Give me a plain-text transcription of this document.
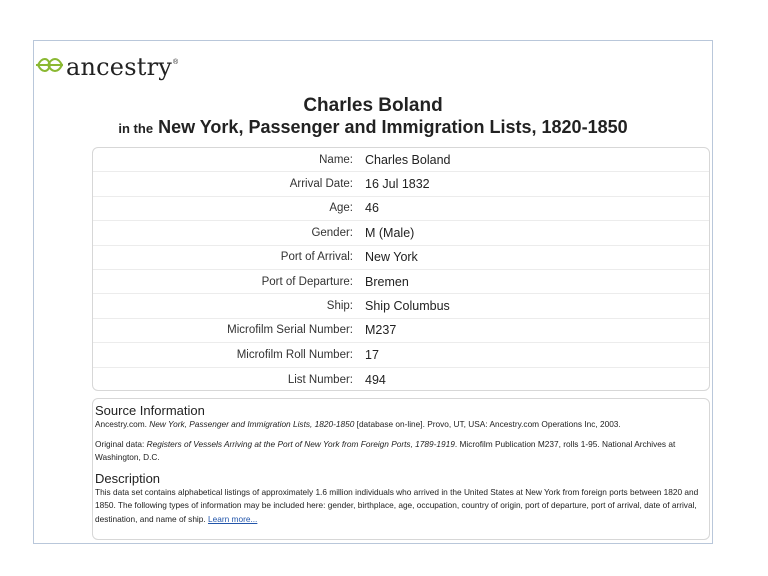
ancestry ®
Charles Boland
in the New York, Passenger and Immigration Lists, 1820-1850
Name: Charles Boland
Arrival Date: 16 Jul 1832
Age: 46
Gender: M (Male)
Port of Arrival: New York
Port of Departure: Bremen
Ship: Ship Columbus
Microfilm Serial Number: M237
Microfilm Roll Number: 17
List Number: 494

Source Information

Ancestry.com. New York, Passenger and Immigration Lists, 1820-1850 [database on-line]. Provo, UT, USA: Ancestry.com Operations Inc, 2003.

Original data: Registers of Vessels Arriving at the Port of New York from Foreign Ports, 1789-1919. Microfilm Publication M237, rolls 1-95. National Archives at Washington, D.C.

Description

This data set contains alphabetical listings of approximately 1.6 million individuals who arrived in the United States at New York from foreign ports between 1820 and 1850. The following types of information may be included here: gender, birthplace, age, occupation, country of origin, port of departure, port of arrival, date of arrival, destination, and name of ship. Learn more...
